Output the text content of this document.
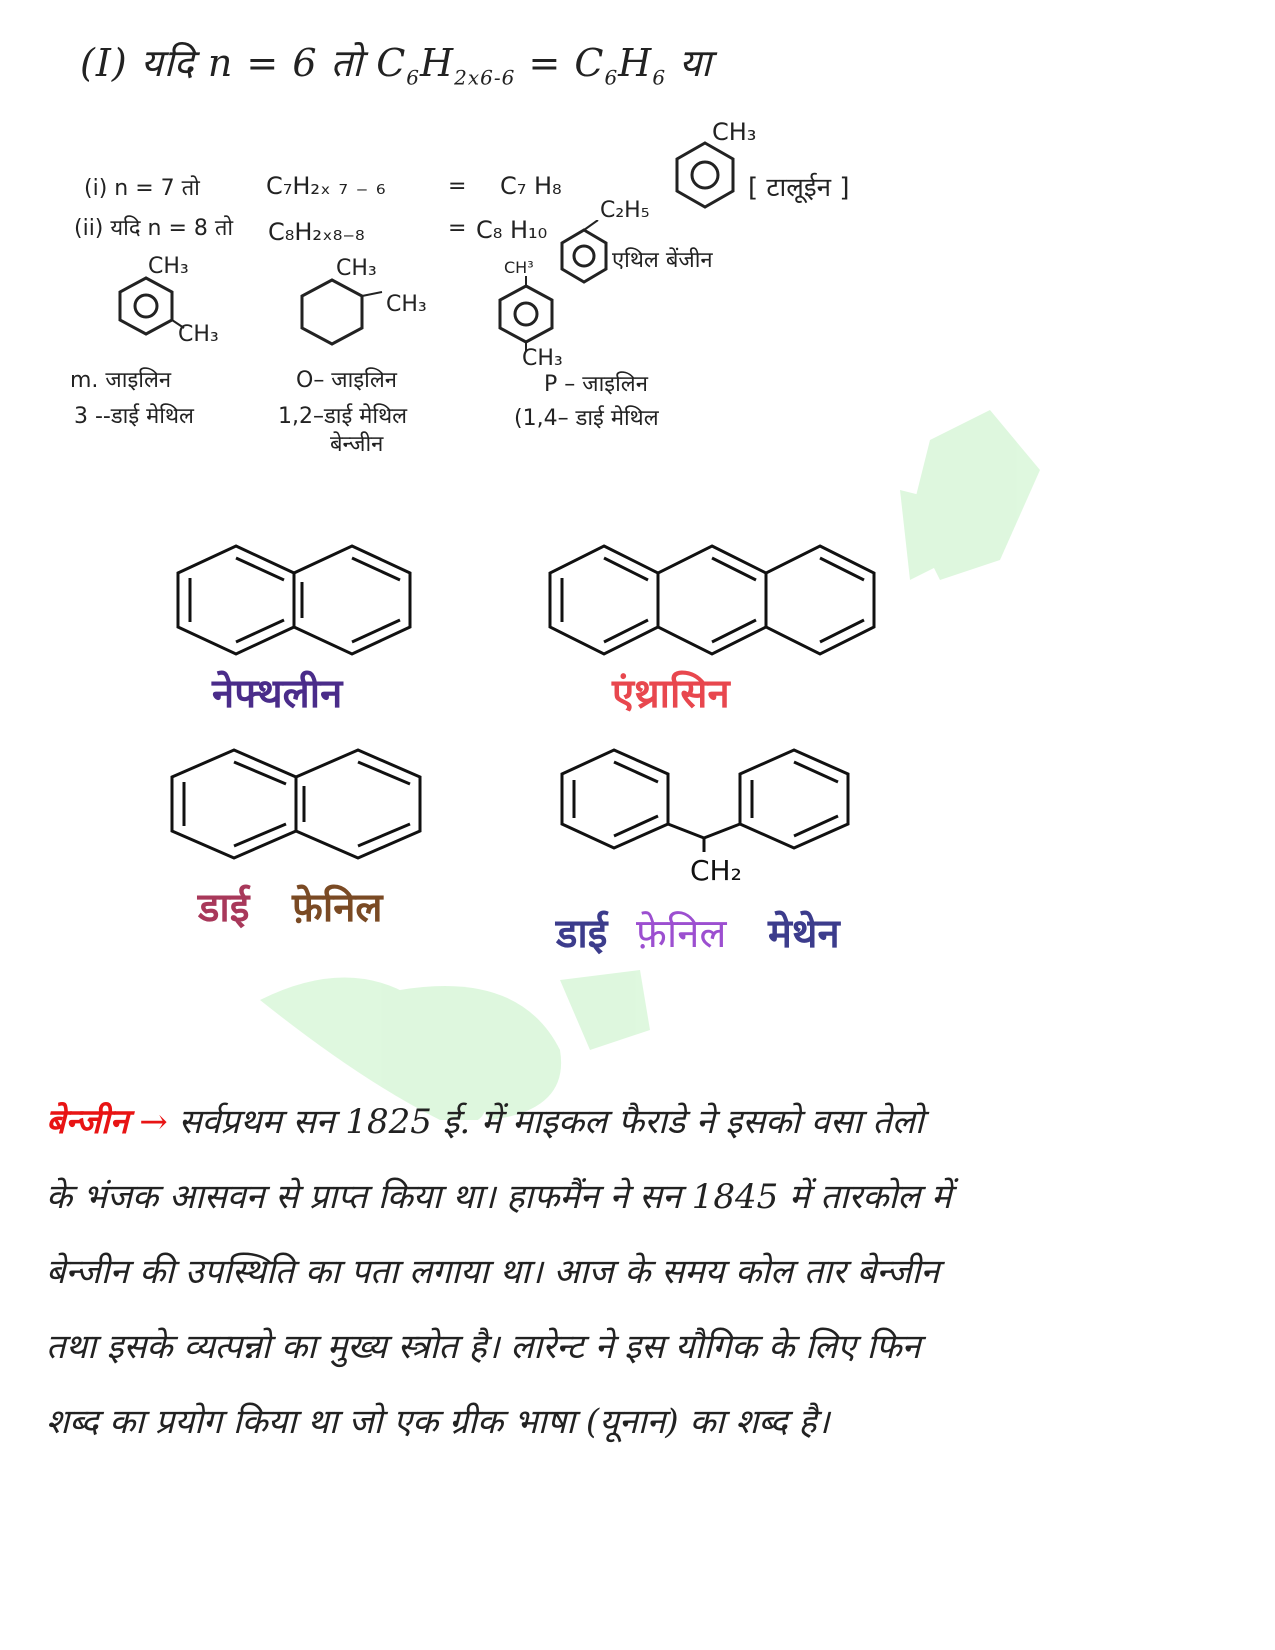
(I) यदि n = 6 तो $C_6H_{2x6-6} = C_6H_6$ या
(i) n = 7 तो	C₇H₂ₓ ₇ ₋ ₆	= C₇ H₈
(ii) यदि n = 8 तो C₈H₂ₓ₈₋₈	= C₈ H₁₀
CH₃
[ टालूईन ]
C₂H₅
एथिल बेंजीन
CH₃
CH₃
m. जाइलिन
3 --डाई मेथिल
CH₃
CH₃
O– जाइलिन
1,2–डाई मेथिल
बेन्जीन
CH³
CH₃
P – जाइलिन
(1,4– डाई मेथिल
नेफ्थलीन	एंथ्रासिन
डाई फ़ेनिल
CH₂
डाई फ़ेनिल मेथेन
बेन्जीन → सर्वप्रथम सन 1825 ई. में माइकल फैराडे ने इसको वसा तेलो
के भंजक आसवन से प्राप्त किया था। हाफमैंन ने सन 1845 में तारकोल में
बेन्जीन की उपस्थिति का पता लगाया था। आज के समय कोल तार बेन्जीन
तथा इसके व्यत्पन्नो का मुख्य स्त्रोत है। लारेन्ट ने इस यौगिक के लिए फिन
शब्द का प्रयोग किया था जो एक ग्रीक भाषा (यूनान) का शब्द है।
